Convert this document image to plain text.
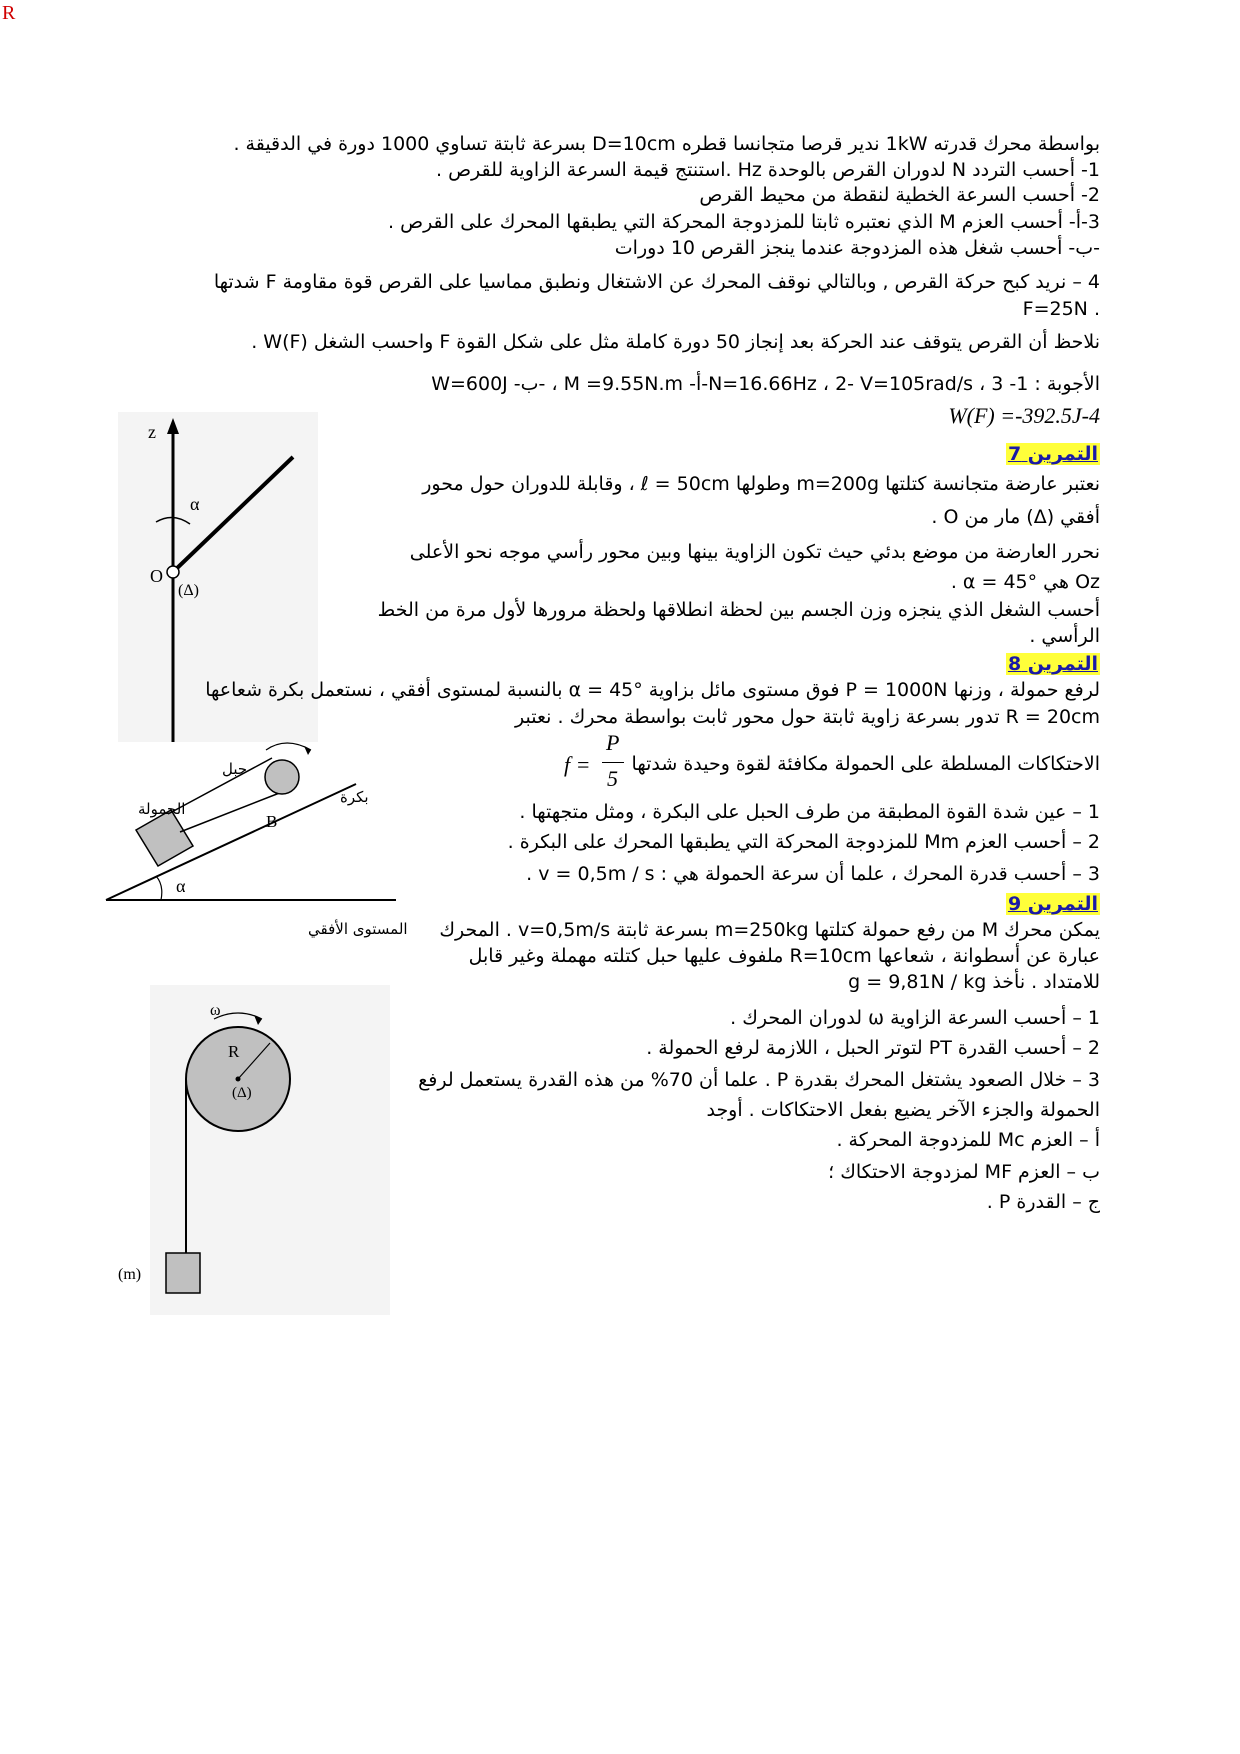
R
بواسطة محرك قدرته 1kW ندير قرصا متجانسا قطره D=10cm بسرعة ثابتة تساوي 1000 دورة في الدقيقة .
1- أحسب التردد N لدوران القرص بالوحدة Hz .استنتج قيمة السرعة الزاوية للقرص .
2- أحسب السرعة الخطية لنقطة من محيط القرص
3-أ- أحسب العزم M الذي نعتبره ثابتا للمزدوجة المحركة التي يطبقها المحرك على القرص .
-ب- أحسب شغل هذه المزدوجة عندما ينجز القرص 10 دورات
4 – نريد كبح حركة القرص , وبالتالي نوقف المحرك عن الاشتغال ونطبق مماسيا على القرص قوة مقاومة F شدتها
. F=25N
نلاحظ أن القرص يتوقف عند الحركة بعد إنجاز 50 دورة كاملة مثل على شكل القوة F واحسب الشغل W(F) .
الأجوبة : 1- N=16.66Hz ، 2- V=105rad/s ، 3-أ- M =9.55N.m ، -ب- W=600J
W(F) =-392.5J-4
التمرين 7
نعتبر عارضة متجانسة كتلتها m=200g وطولها ℓ = 50cm ، وقابلة للدوران حول محور
أفقي (Δ) مار من O .
نحرر العارضة من موضع بدئي حيث تكون الزاوية بينها وبين محور رأسي موجه نحو الأعلى
Oz هي α = 45° .
أحسب الشغل الذي ينجزه وزن الجسم بين لحظة انطلاقها ولحظة مرورها لأول مرة من الخط
الرأسي .
z
α
O
(Δ)
التمرين 8
لرفع حمولة ، وزنها P = 1000N فوق مستوى مائل بزاوية α = 45° بالنسبة لمستوى أفقي ، نستعمل بكرة شعاعها
R = 20cm تدور بسرعة زاوية ثابتة حول محور ثابت بواسطة محرك . نعتبر
الاحتكاكات المسلطة على الحمولة مكافئة لقوة وحيدة شدتها
f =
P
5
1 – عين شدة القوة المطبقة من طرف الحبل على البكرة ، ومثل متجهتها .
2 – أحسب العزم Mm للمزدوجة المحركة التي يطبقها المحرك على البكرة .
3 – أحسب قدرة المحرك ، علما أن سرعة الحمولة هي : v = 0,5m / s .
α
B
حبل
بكرة
الحمولة
المستوى الأفقي
التمرين 9
يمكن محرك M من رفع حمولة كتلتها m=250kg بسرعة ثابتة v=0,5m/s . المحرك
عبارة عن أسطوانة ، شعاعها R=10cm ملفوف عليها حبل كتلته مهملة وغير قابل
للامتداد . نأخذ g = 9,81N / kg
1 – أحسب السرعة الزاوية ω لدوران المحرك .
2 – أحسب القدرة PT لتوتر الحبل ، اللازمة لرفع الحمولة .
3 – خلال الصعود يشتغل المحرك بقدرة P . علما أن 70% من هذه القدرة يستعمل لرفع
الحمولة والجزء الآخر يضيع بفعل الاحتكاكات . أوجد
أ – العزم Mc للمزدوجة المحركة .
ب – العزم MF لمزدوجة الاحتكاك ؛
ج – القدرة P .
ω
R
(Δ)
(m)
